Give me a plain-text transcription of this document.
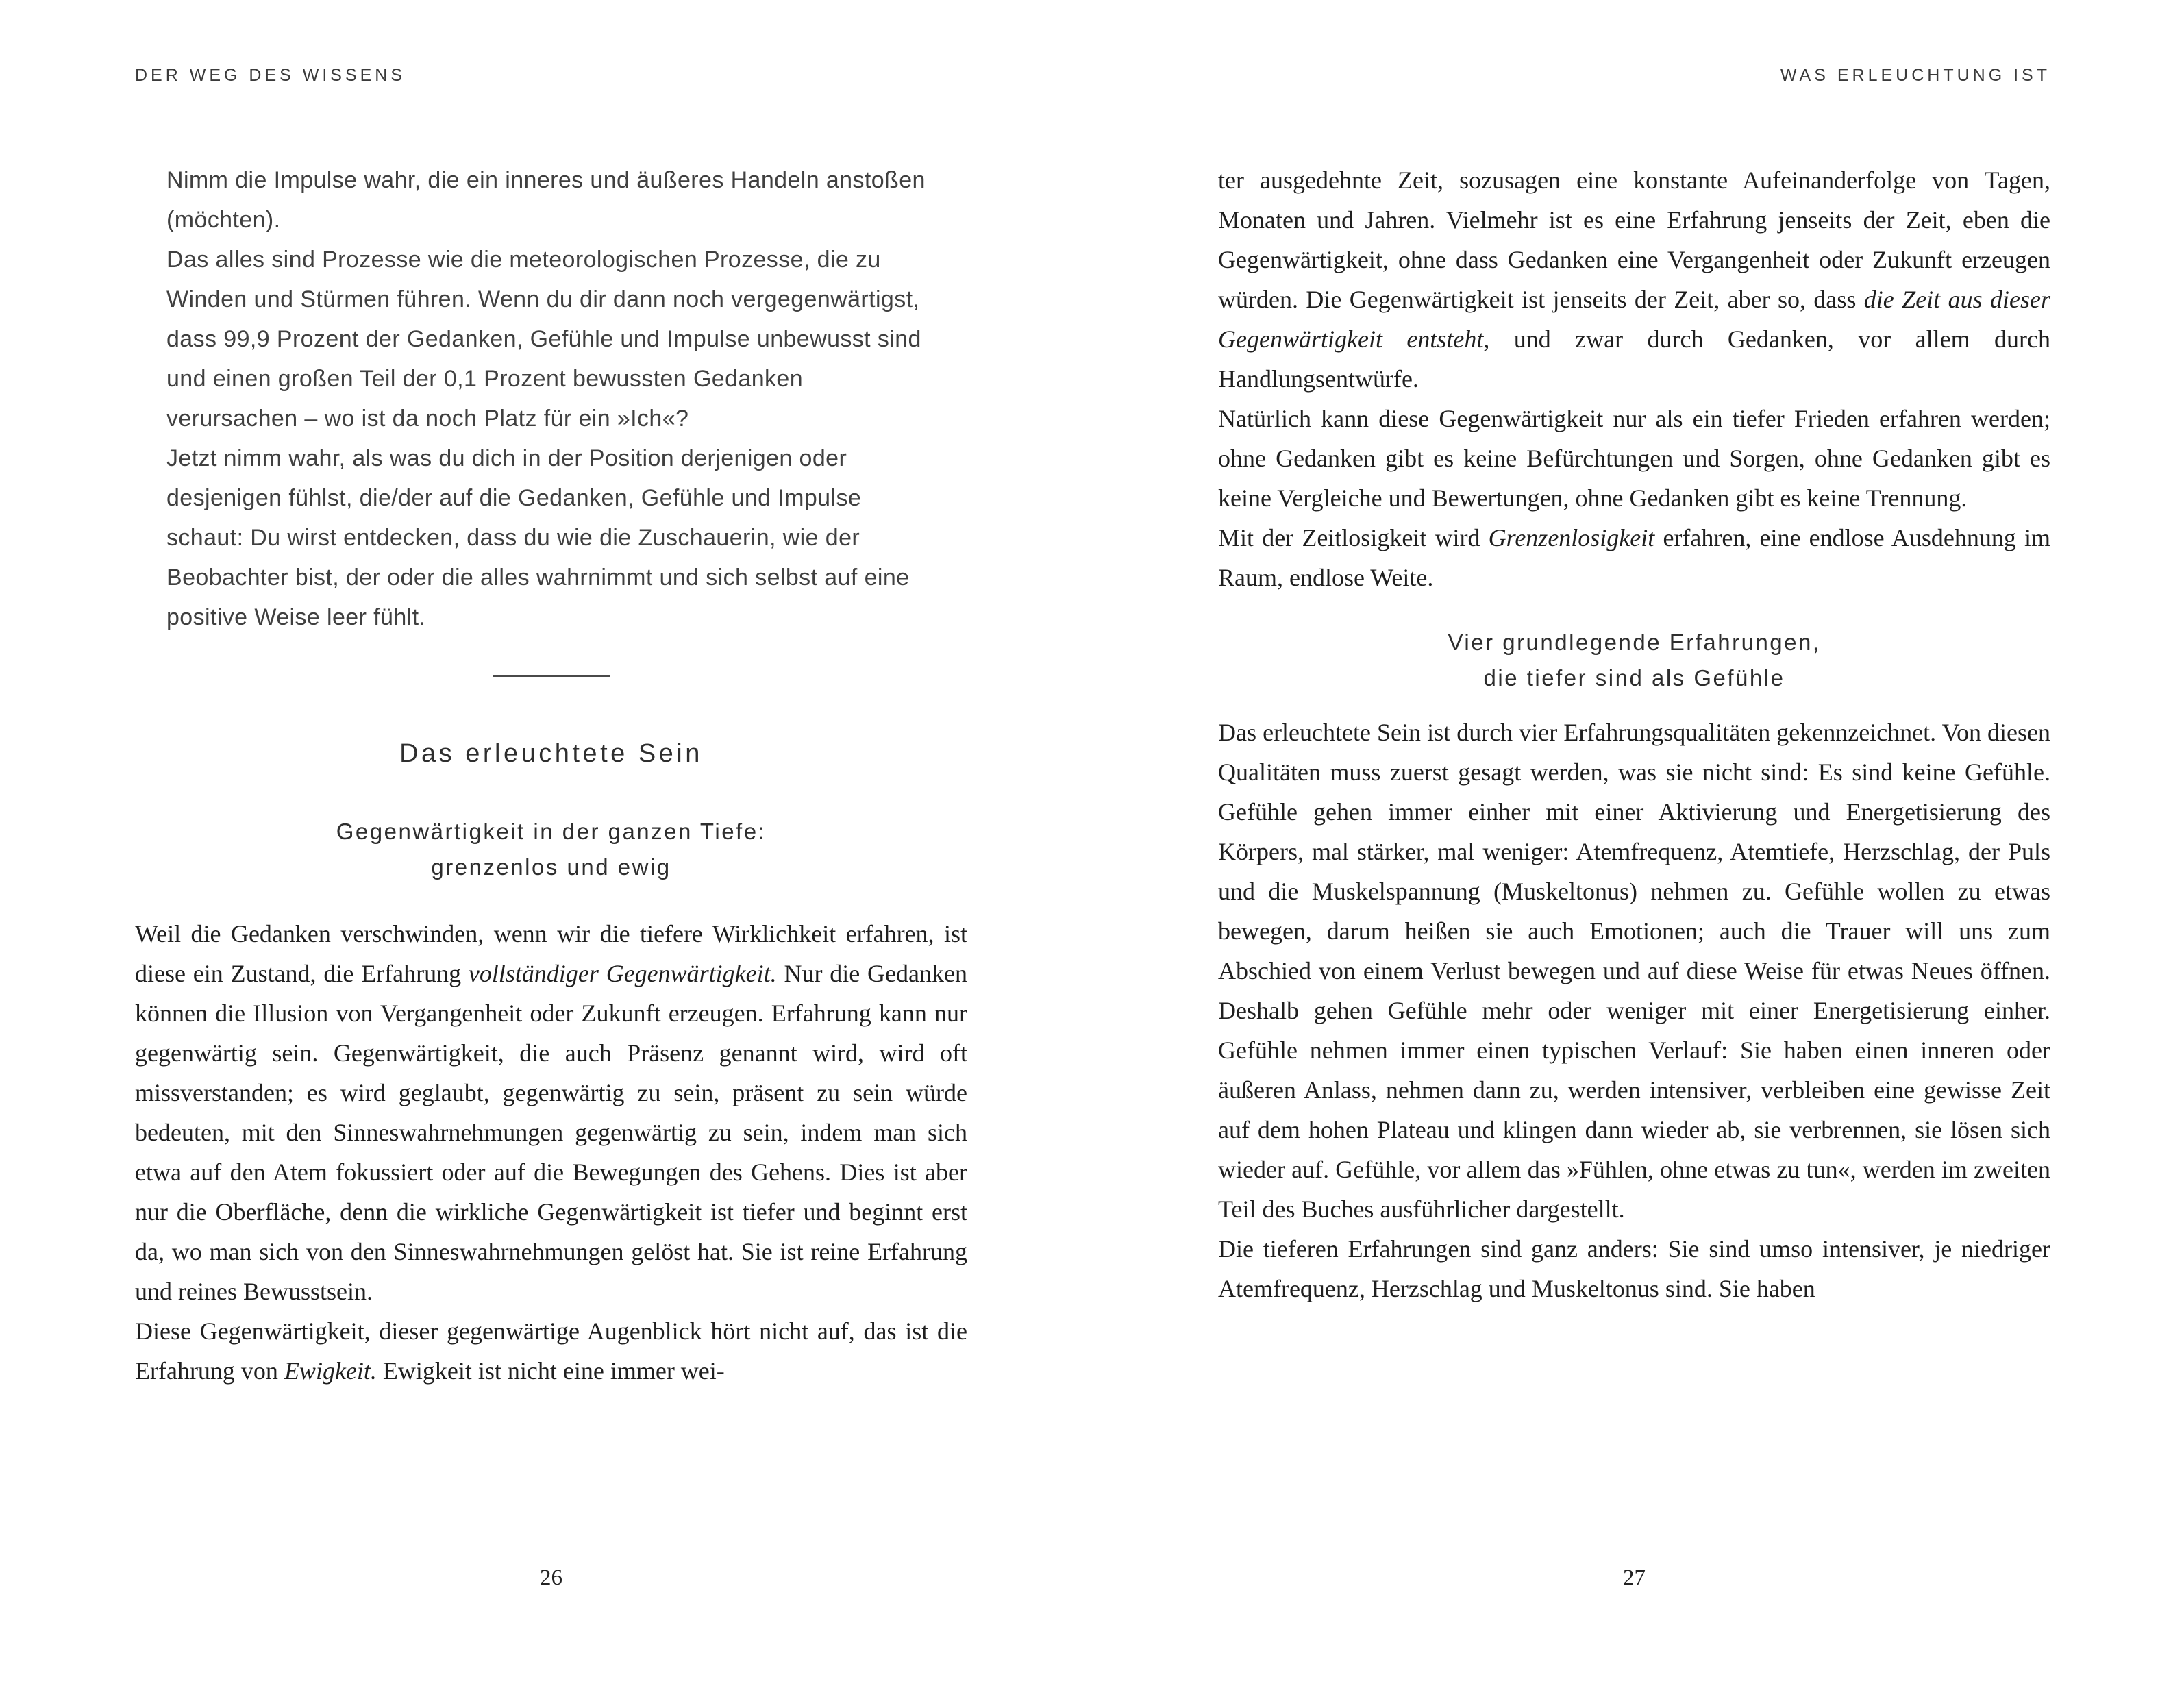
DER WEG DES WISSENS

Nimm die Impulse wahr, die ein inneres und äußeres Handeln anstoßen (möchten).

Das alles sind Prozesse wie die meteorologischen Prozesse, die zu Winden und Stürmen führen. Wenn du dir dann noch vergegenwärtigst, dass 99,9 Prozent der Gedanken, Gefühle und Impulse unbewusst sind und einen großen Teil der 0,1 Prozent bewussten Gedanken verursachen – wo ist da noch Platz für ein »Ich«?

Jetzt nimm wahr, als was du dich in der Position derjenigen oder desjenigen fühlst, die/der auf die Gedanken, Gefühle und Impulse schaut: Du wirst entdecken, dass du wie die Zuschauerin, wie der Beobachter bist, der oder die alles wahrnimmt und sich selbst auf eine positive Weise leer fühlt.

Das erleuchtete Sein
Gegenwärtigkeit in der ganzen Tiefe:
grenzenlos und ewig

Weil die Gedanken verschwinden, wenn wir die tiefere Wirklichkeit erfahren, ist diese ein Zustand, die Erfahrung vollständiger Gegenwärtigkeit. Nur die Gedanken können die Illusion von Vergangenheit oder Zukunft erzeugen. Erfahrung kann nur gegenwärtig sein. Gegenwärtigkeit, die auch Präsenz genannt wird, wird oft missverstanden; es wird geglaubt, gegenwärtig zu sein, präsent zu sein würde bedeuten, mit den Sinneswahrnehmungen gegenwärtig zu sein, indem man sich etwa auf den Atem fokussiert oder auf die Bewegungen des Gehens. Dies ist aber nur die Oberfläche, denn die wirkliche Gegenwärtigkeit ist tiefer und beginnt erst da, wo man sich von den Sinneswahrnehmungen gelöst hat. Sie ist reine Erfahrung und reines Bewusstsein.

Diese Gegenwärtigkeit, dieser gegenwärtige Augenblick hört nicht auf, das ist die Erfahrung von Ewigkeit. Ewigkeit ist nicht eine immer wei-

26
WAS ERLEUCHTUNG IST

ter ausgedehnte Zeit, sozusagen eine konstante Aufeinanderfolge von Tagen, Monaten und Jahren. Vielmehr ist es eine Erfahrung jenseits der Zeit, eben die Gegenwärtigkeit, ohne dass Gedanken eine Vergangenheit oder Zukunft erzeugen würden. Die Gegenwärtigkeit ist jenseits der Zeit, aber so, dass die Zeit aus dieser Gegenwärtigkeit entsteht, und zwar durch Gedanken, vor allem durch Handlungsentwürfe.

Natürlich kann diese Gegenwärtigkeit nur als ein tiefer Frieden erfahren werden; ohne Gedanken gibt es keine Befürchtungen und Sorgen, ohne Gedanken gibt es keine Vergleiche und Bewertungen, ohne Gedanken gibt es keine Trennung.

Mit der Zeitlosigkeit wird Grenzenlosigkeit erfahren, eine endlose Ausdehnung im Raum, endlose Weite.

Vier grundlegende Erfahrungen,
die tiefer sind als Gefühle

Das erleuchtete Sein ist durch vier Erfahrungsqualitäten gekennzeichnet. Von diesen Qualitäten muss zuerst gesagt werden, was sie nicht sind: Es sind keine Gefühle. Gefühle gehen immer einher mit einer Aktivierung und Energetisierung des Körpers, mal stärker, mal weniger: Atemfrequenz, Atemtiefe, Herzschlag, der Puls und die Muskelspannung (Muskeltonus) nehmen zu. Gefühle wollen zu etwas bewegen, darum heißen sie auch Emotionen; auch die Trauer will uns zum Abschied von einem Verlust bewegen und auf diese Weise für etwas Neues öffnen. Deshalb gehen Gefühle mehr oder weniger mit einer Energetisierung einher. Gefühle nehmen immer einen typischen Verlauf: Sie haben einen inneren oder äußeren Anlass, nehmen dann zu, werden intensiver, verbleiben eine gewisse Zeit auf dem hohen Plateau und klingen dann wieder ab, sie verbrennen, sie lösen sich wieder auf. Gefühle, vor allem das »Fühlen, ohne etwas zu tun«, werden im zweiten Teil des Buches ausführlicher dargestellt.

Die tieferen Erfahrungen sind ganz anders: Sie sind umso intensiver, je niedriger Atemfrequenz, Herzschlag und Muskeltonus sind. Sie haben

27
